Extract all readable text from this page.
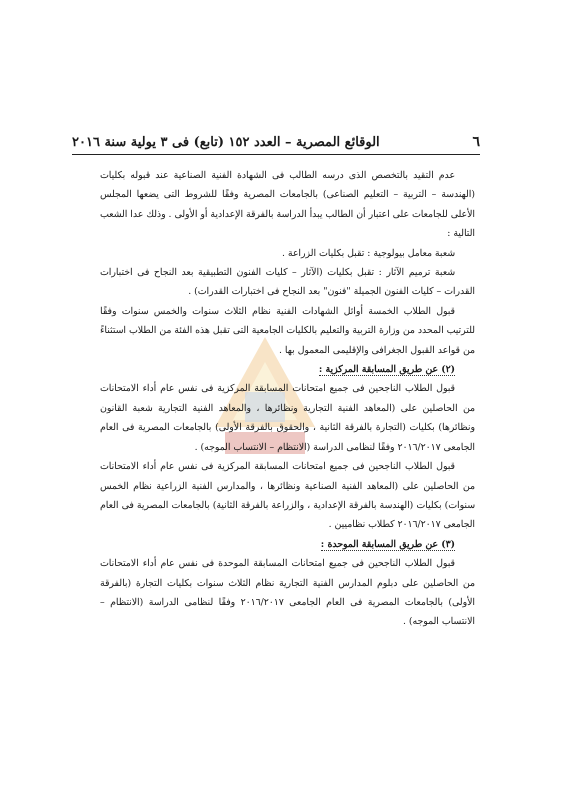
٦
الوقائع المصرية – العدد ١٥٢ (تابع) فى ٣ يولية سنة ٢٠١٦

عدم التقيد بالتخصص الذى درسه الطالب فى الشهادة الفنية الصناعية عند قبوله بكليات (الهندسة – التربية – التعليم الصناعى) بالجامعات المصرية وفقًا للشروط التى يضعها المجلس الأعلى للجامعات على اعتبار أن الطالب يبدأ الدراسة بالفرقة الإعدادية أو الأولى . وذلك عدا الشعب التالية :

شعبة معامل بيولوجية : تقبل بكليات الزراعة .

شعبة ترميم الآثار : تقبل بكليات (الآثار – كليات الفنون التطبيقية بعد النجاح فى اختبارات القدرات – كليات الفنون الجميلة "فنون" بعد النجاح فى اختبارات القدرات) .

قبول الطلاب الخمسة أوائل الشهادات الفنية نظام الثلاث سنوات والخمس سنوات وفقًا للترتيب المحدد من وزارة التربية والتعليم بالكليات الجامعية التى تقبل هذه الفئة من الطلاب استثناءً من قواعد القبول الجغرافى والإقليمى المعمول بها .

(٢) عن طريق المسابقة المركزية :

قبول الطلاب الناجحين فى جميع امتحانات المسابقة المركزية فى نفس عام أداء الامتحانات من الحاصلين على (المعاهد الفنية التجارية ونظائرها ، والمعاهد الفنية التجارية شعبة القانون ونظائرها) بكليات (التجارة بالفرقة الثانية ، والحقوق بالفرقة الأولى) بالجامعات المصرية فى العام الجامعى ٢٠١٦/٢٠١٧ وفقًا لنظامى الدراسة (الانتظام – الانتساب الموجه) .

قبول الطلاب الناجحين فى جميع امتحانات المسابقة المركزية فى نفس عام أداء الامتحانات من الحاصلين على (المعاهد الفنية الصناعية ونظائرها ، والمدارس الفنية الزراعية نظام الخمس سنوات) بكليات (الهندسة بالفرقة الإعدادية ، والزراعة بالفرقة الثانية) بالجامعات المصرية فى العام الجامعى ٢٠١٦/٢٠١٧ كطلاب نظاميين .

(٣) عن طريق المسابقة الموحدة :

قبول الطلاب الناجحين فى جميع امتحانات المسابقة الموحدة فى نفس عام أداء الامتحانات من الحاصلين على دبلوم المدارس الفنية التجارية نظام الثلاث سنوات بكليات التجارة (بالفرقة الأولى) بالجامعات المصرية فى العام الجامعى ٢٠١٦/٢٠١٧ وفقًا لنظامى الدراسة (الانتظام – الانتساب الموجه) .
